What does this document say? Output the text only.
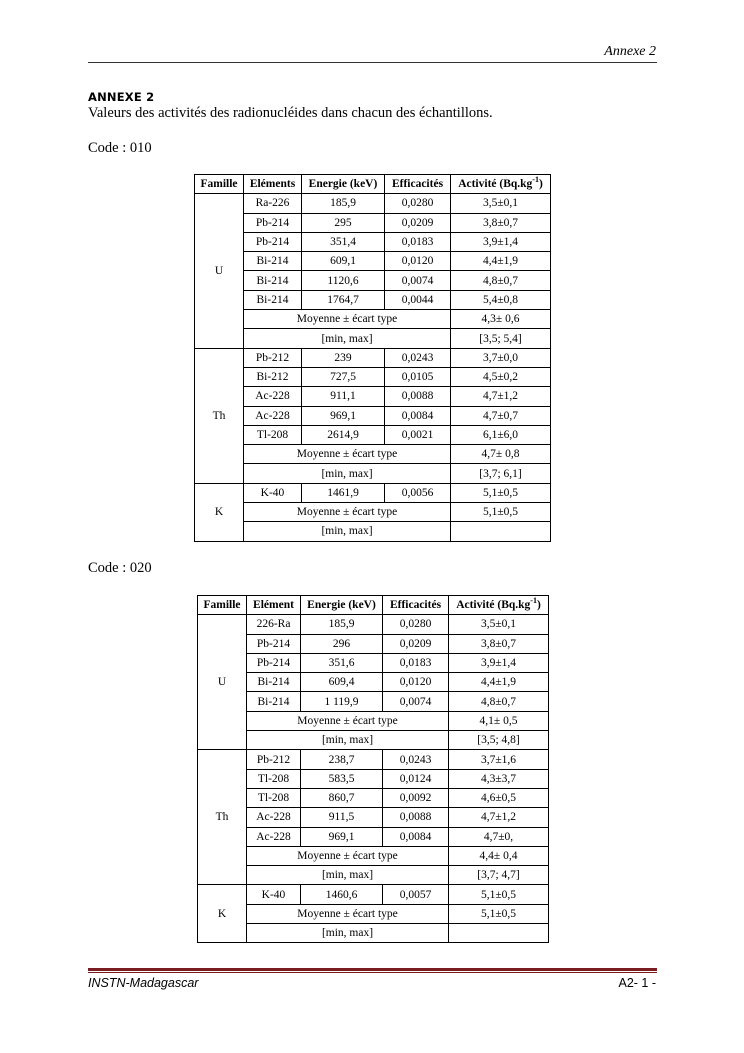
Annexe 2
ANNEXE 2
Valeurs des activités des radionucléides dans chacun des échantillons.
Code : 010
Famille	Eléments	Energie (keV)	Efficacités	Activité $(Bq.kg^{-1})$
U	Ra-226	185,9	0,0280	3,5±0,1
	Pb-214	295	0,0209	3,8±0,7
	Pb-214	351,4	0,0183	3,9±1,4
	Bi-214	609,1	0,0120	4,4±1,9
	Bi-214	1120,6	0,0074	4,8±0,7
	Bi-214	1764,7	0,0044	5,4±0,8
	Moyenne ± écart type			4,3± 0,6
	[min, max]			[3,5; 5,4]
Th	Pb-212	239	0,0243	3,7±0,0
	Bi-212	727,5	0,0105	4,5±0,2
	Ac-228	911,1	0,0088	4,7±1,2
	Ac-228	969,1	0,0084	4,7±0,7
	Tl-208	2614,9	0,0021	6,1±6,0
	Moyenne ± écart type			4,7± 0,8
	[min, max]			[3,7; 6,1]
K	K-40	1461,9	0,0056	5,1±0,5
	Moyenne ± écart type			5,1±0,5
	[min, max]			
Code : 020
Famille	Elément	Energie (keV)	Efficacités	Activité $(Bq.kg^{-1})$
U	226-Ra	185,9	0,0280	3,5±0,1
	Pb-214	296	0,0209	3,8±0,7
	Pb-214	351,6	0,0183	3,9±1,4
	Bi-214	609,4	0,0120	4,4±1,9
	Bi-214	1 119,9	0,0074	4,8±0,7
	Moyenne ± écart type			4,1± 0,5
	[min, max]			[3,5; 4,8]
Th	Pb-212	238,7	0,0243	3,7±1,6
	Tl-208	583,5	0,0124	4,3±3,7
	Tl-208	860,7	0,0092	4,6±0,5
	Ac-228	911,5	0,0088	4,7±1,2
	Ac-228	969,1	0,0084	4,7±0,
	Moyenne ± écart type			4,4± 0,4
	[min, max]			[3,7; 4,7]
K	K-40	1460,6	0,0057	5,1±0,5
	Moyenne ± écart type			5,1±0,5
	[min, max]			
INSTN-Madagascar	A2- 1 -
